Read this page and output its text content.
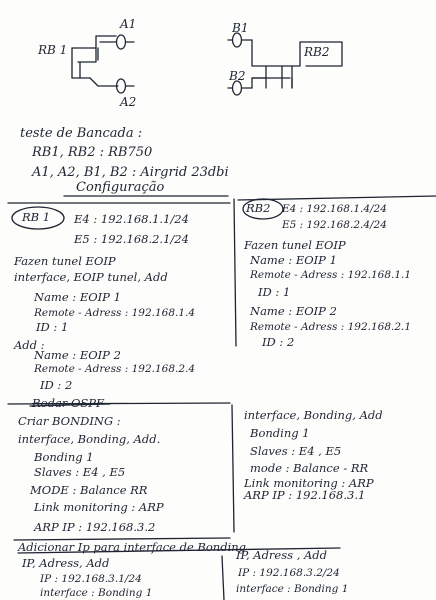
RB 1
A1
A2
B1
B2
RB2
teste de Bancada :
RB1, RB2 : RB750
A1, A2, B1, B2 : Airgrid 23dbi
Configuração
RB 1 E4 : 192.168.1.1/24
E5 : 192.168.2.1/24
Fazen tunel EOIP
interface, EOIP tunel, Add
Name : EOIP 1
Remote - Adress : 192.168.1.4
ID : 1
Add :
Name : EOIP 2
Remote - Adress : 192.168.2.4
ID : 2
Rodar OSPF
Criar BONDING :
interface, Bonding, Add.
Bonding 1
Slaves : E4 , E5
MODE : Balance RR
Link monitoring : ARP
ARP IP : 192.168.3.2
RB2 E4 : 192.168.1.4/24
E5 : 192.168.2.4/24
Fazen tunel EOIP
Name : EOIP 1
Remote - Adress : 192.168.1.1
ID : 1
Name : EOIP 2
Remote - Adress : 192.168.2.1
ID : 2
interface, Bonding, Add
Bonding 1
Slaves : E4 , E5
mode : Balance - RR
Link monitoring : ARP
ARP IP : 192.168.3.1
Adicionar Ip para interface de Bonding
IP, Adress, Add
IP : 192.168.3.1/24
interface : Bonding 1
IP, Adress , Add
IP : 192.168.3.2/24
interface : Bonding 1
